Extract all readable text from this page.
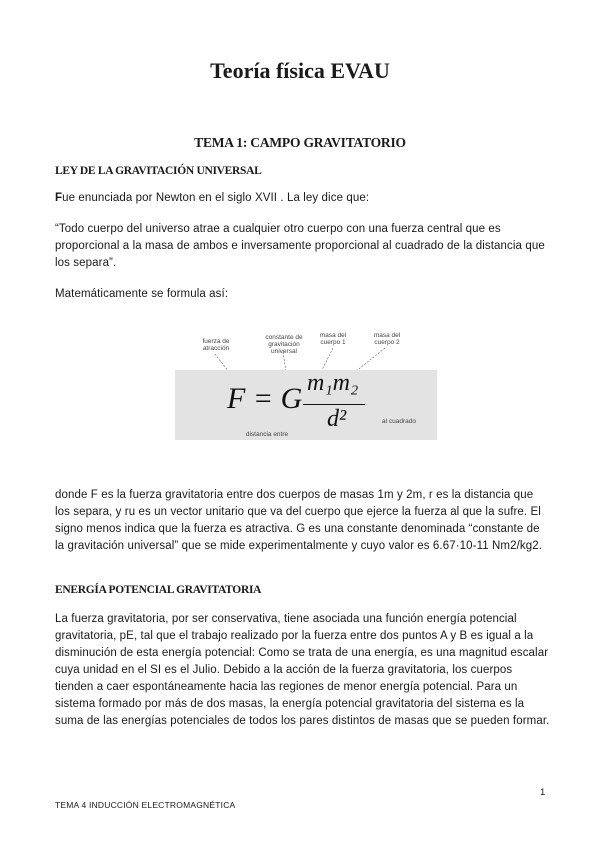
Teoría física EVAU
TEMA 1: CAMPO GRAVITATORIO
LEY DE LA GRAVITACIÓN UNIVERSAL

Fue enunciada por Newton en el siglo XVII . La ley dice que:

“Todo cuerpo del universo atrae a cualquier otro cuerpo con una fuerza central que es proporcional a la masa de ambos e inversamente proporcional al cuadrado de la distancia que los separa”.

Matemáticamente se formula así:

fuerza de atracción
constante de gravitación universal
masa del cuerpo 1
masa del cuerpo 2
F = G m₁m₂
d²	al cuadrado
distancia entre

donde F es la fuerza gravitatoria entre dos cuerpos de masas 1m y 2m, r es la distancia que los separa, y ru es un vector unitario que va del cuerpo que ejerce la fuerza al que la sufre. El signo menos indica que la fuerza es atractiva. G es una constante denominada “constante de la gravitación universal” que se mide experimentalmente y cuyo valor es 6.67·10-11 Nm2/kg2.

ENERGÍA POTENCIAL GRAVITATORIA

La fuerza gravitatoria, por ser conservativa, tiene asociada una función energía potencial gravitatoria, pE, tal que el trabajo realizado por la fuerza entre dos puntos A y B es igual a la disminución de esta energía potencial: Como se trata de una energía, es una magnitud escalar cuya unidad en el SI es el Julio. Debido a la acción de la fuerza gravitatoria, los cuerpos tienden a caer espontáneamente hacia las regiones de menor energía potencial. Para un sistema formado por más de dos masas, la energía potencial gravitatoria del sistema es la suma de las energías potenciales de todos los pares distintos de masas que se pueden formar.

1

TEMA 4 INDUCCIÓN ELECTROMAGNÉTICA
